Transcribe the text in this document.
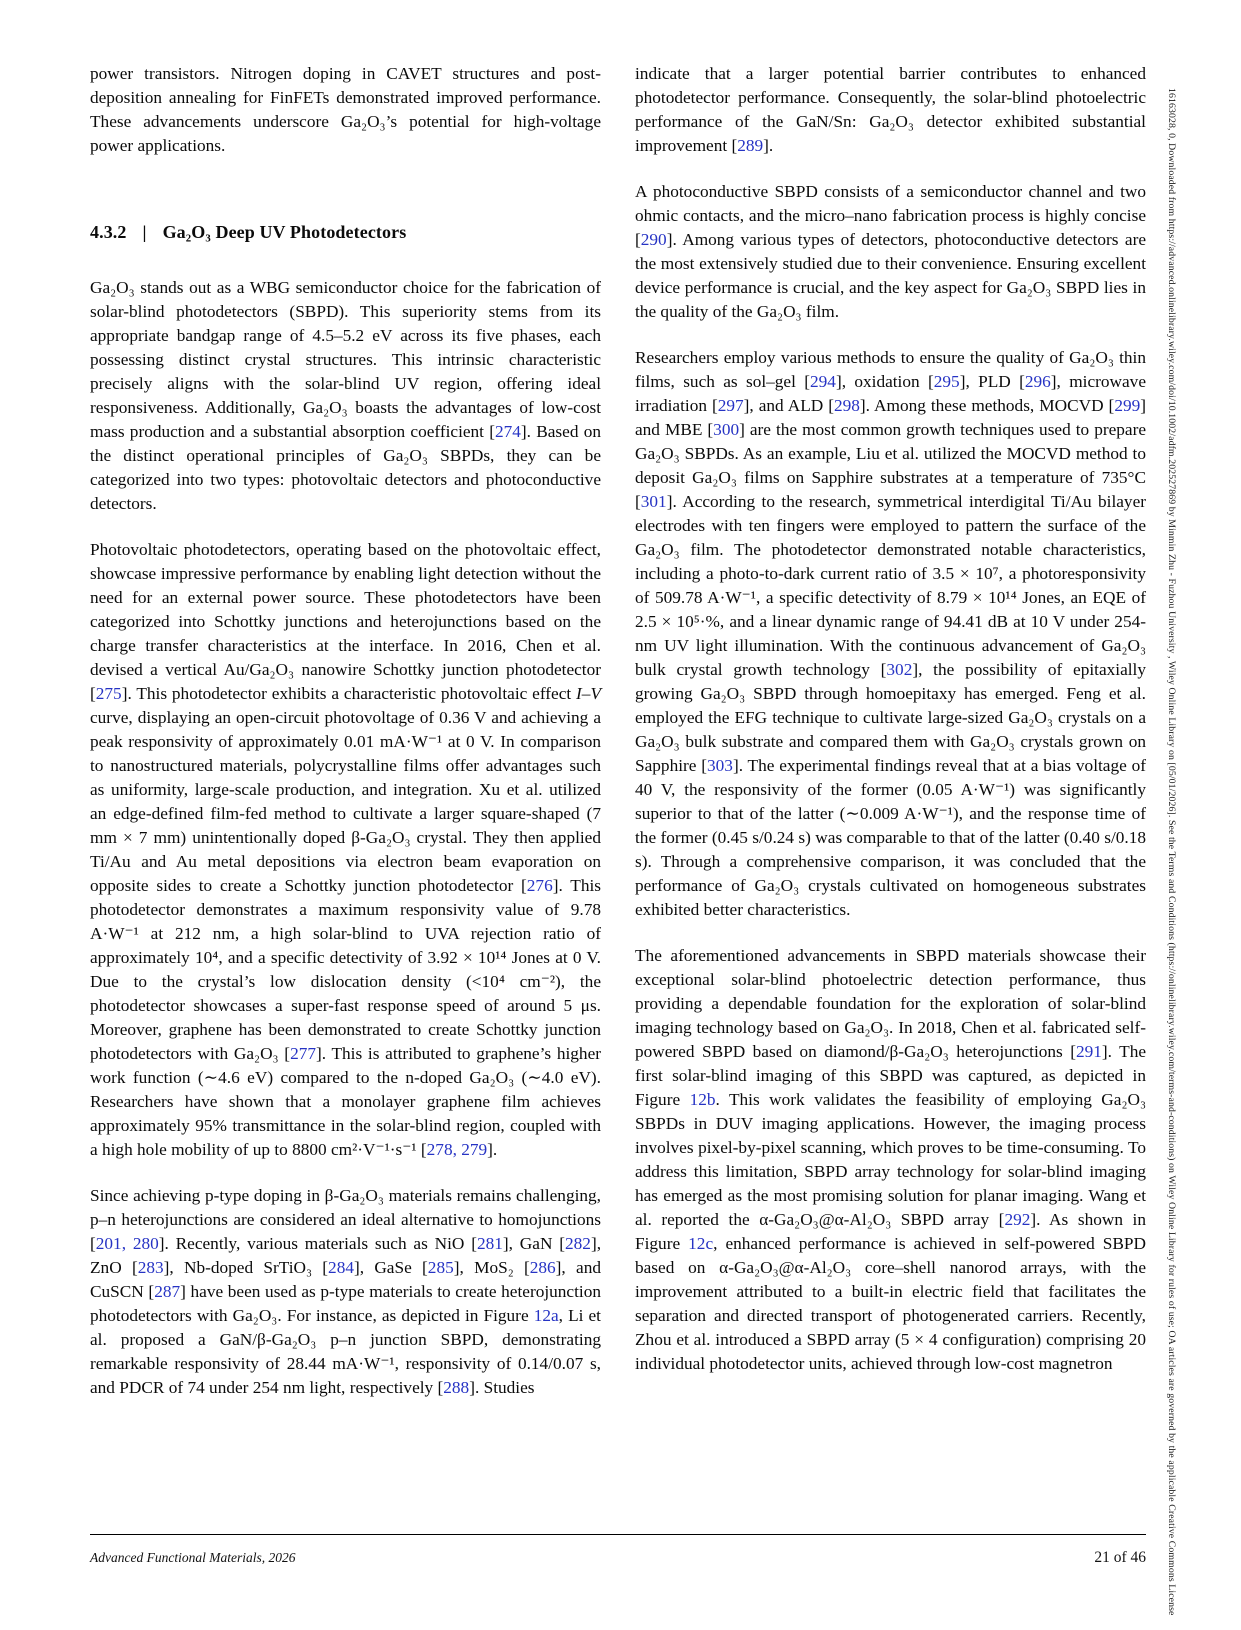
16163028, 0, Downloaded from https://advanced.onlinelibrary.wiley.com/doi/10.1002/adfm.202527869 by Minmin Zhu - Fuzhou University , Wiley Online Library on [05/01/2026]. See the Terms and Conditions (https://onlinelibrary.wiley.com/terms-and-conditions) on Wiley Online Library for rules of use; OA articles are governed by the applicable Creative Commons License

power transistors. Nitrogen doping in CAVET structures and post-deposition annealing for FinFETs demonstrated improved performance. These advancements underscore Ga₂O₃’s potential for high-voltage power applications.

4.3.2 | Ga₂O₃ Deep UV Photodetectors

Ga₂O₃ stands out as a WBG semiconductor choice for the fabrication of solar-blind photodetectors (SBPD). This superiority stems from its appropriate bandgap range of 4.5–5.2 eV across its five phases, each possessing distinct crystal structures. This intrinsic characteristic precisely aligns with the solar-blind UV region, offering ideal responsiveness. Additionally, Ga₂O₃ boasts the advantages of low-cost mass production and a substantial absorption coefficient [274]. Based on the distinct operational principles of Ga₂O₃ SBPDs, they can be categorized into two types: photovoltaic detectors and photoconductive detectors.

Photovoltaic photodetectors, operating based on the photovoltaic effect, showcase impressive performance by enabling light detection without the need for an external power source. These photodetectors have been categorized into Schottky junctions and heterojunctions based on the charge transfer characteristics at the interface. In 2016, Chen et al. devised a vertical Au/Ga₂O₃ nanowire Schottky junction photodetector [275]. This photodetector exhibits a characteristic photovoltaic effect I–V curve, displaying an open-circuit photovoltage of 0.36 V and achieving a peak responsivity of approximately 0.01 mA·W⁻¹ at 0 V. In comparison to nanostructured materials, polycrystalline films offer advantages such as uniformity, large-scale production, and integration. Xu et al. utilized an edge-defined film-fed method to cultivate a larger square-shaped (7 mm × 7 mm) unintentionally doped β-Ga₂O₃ crystal. They then applied Ti/Au and Au metal depositions via electron beam evaporation on opposite sides to create a Schottky junction photodetector [276]. This photodetector demonstrates a maximum responsivity value of 9.78 A·W⁻¹ at 212 nm, a high solar-blind to UVA rejection ratio of approximately 10⁴, and a specific detectivity of 3.92 × 10¹⁴ Jones at 0 V. Due to the crystal’s low dislocation density (<10⁴ cm⁻²), the photodetector showcases a super-fast response speed of around 5 μs. Moreover, graphene has been demonstrated to create Schottky junction photodetectors with Ga₂O₃ [277]. This is attributed to graphene’s higher work function (∼4.6 eV) compared to the n-doped Ga₂O₃ (∼4.0 eV). Researchers have shown that a monolayer graphene film achieves approximately 95% transmittance in the solar-blind region, coupled with a high hole mobility of up to 8800 cm²·V⁻¹·s⁻¹ [278, 279].

Since achieving p-type doping in β-Ga₂O₃ materials remains challenging, p–n heterojunctions are considered an ideal alternative to homojunctions [201, 280]. Recently, various materials such as NiO [281], GaN [282], ZnO [283], Nb-doped SrTiO₃ [284], GaSe [285], MoS₂ [286], and CuSCN [287] have been used as p-type materials to create heterojunction photodetectors with Ga₂O₃. For instance, as depicted in Figure 12a, Li et al. proposed a GaN/β-Ga₂O₃ p–n junction SBPD, demonstrating remarkable responsivity of 28.44 mA·W⁻¹, responsivity of 0.14/0.07 s, and PDCR of 74 under 254 nm light, respectively [288]. Studies

indicate that a larger potential barrier contributes to enhanced photodetector performance. Consequently, the solar-blind photoelectric performance of the GaN/Sn: Ga₂O₃ detector exhibited substantial improvement [289].

A photoconductive SBPD consists of a semiconductor channel and two ohmic contacts, and the micro–nano fabrication process is highly concise [290]. Among various types of detectors, photoconductive detectors are the most extensively studied due to their convenience. Ensuring excellent device performance is crucial, and the key aspect for Ga₂O₃ SBPD lies in the quality of the Ga₂O₃ film.

Researchers employ various methods to ensure the quality of Ga₂O₃ thin films, such as sol–gel [294], oxidation [295], PLD [296], microwave irradiation [297], and ALD [298]. Among these methods, MOCVD [299] and MBE [300] are the most common growth techniques used to prepare Ga₂O₃ SBPDs. As an example, Liu et al. utilized the MOCVD method to deposit Ga₂O₃ films on Sapphire substrates at a temperature of 735°C [301]. According to the research, symmetrical interdigital Ti/Au bilayer electrodes with ten fingers were employed to pattern the surface of the Ga₂O₃ film. The photodetector demonstrated notable characteristics, including a photo-to-dark current ratio of 3.5 × 10⁷, a photoresponsivity of 509.78 A·W⁻¹, a specific detectivity of 8.79 × 10¹⁴ Jones, an EQE of 2.5 × 10⁵·%, and a linear dynamic range of 94.41 dB at 10 V under 254-nm UV light illumination. With the continuous advancement of Ga₂O₃ bulk crystal growth technology [302], the possibility of epitaxially growing Ga₂O₃ SBPD through homoepitaxy has emerged. Feng et al. employed the EFG technique to cultivate large-sized Ga₂O₃ crystals on a Ga₂O₃ bulk substrate and compared them with Ga₂O₃ crystals grown on Sapphire [303]. The experimental findings reveal that at a bias voltage of 40 V, the responsivity of the former (0.05 A·W⁻¹) was significantly superior to that of the latter (∼0.009 A·W⁻¹), and the response time of the former (0.45 s/0.24 s) was comparable to that of the latter (0.40 s/0.18 s). Through a comprehensive comparison, it was concluded that the performance of Ga₂O₃ crystals cultivated on homogeneous substrates exhibited better characteristics.

The aforementioned advancements in SBPD materials showcase their exceptional solar-blind photoelectric detection performance, thus providing a dependable foundation for the exploration of solar-blind imaging technology based on Ga₂O₃. In 2018, Chen et al. fabricated self-powered SBPD based on diamond/β-Ga₂O₃ heterojunctions [291]. The first solar-blind imaging of this SBPD was captured, as depicted in Figure 12b. This work validates the feasibility of employing Ga₂O₃ SBPDs in DUV imaging applications. However, the imaging process involves pixel-by-pixel scanning, which proves to be time-consuming. To address this limitation, SBPD array technology for solar-blind imaging has emerged as the most promising solution for planar imaging. Wang et al. reported the α-Ga₂O₃@α-Al₂O₃ SBPD array [292]. As shown in Figure 12c, enhanced performance is achieved in self-powered SBPD based on α-Ga₂O₃@α-Al₂O₃ core–shell nanorod arrays, with the improvement attributed to a built-in electric field that facilitates the separation and directed transport of photogenerated carriers. Recently, Zhou et al. introduced a SBPD array (5 × 4 configuration) comprising 20 individual photodetector units, achieved through low-cost magnetron

Advanced Functional Materials, 2026	21 of 46
